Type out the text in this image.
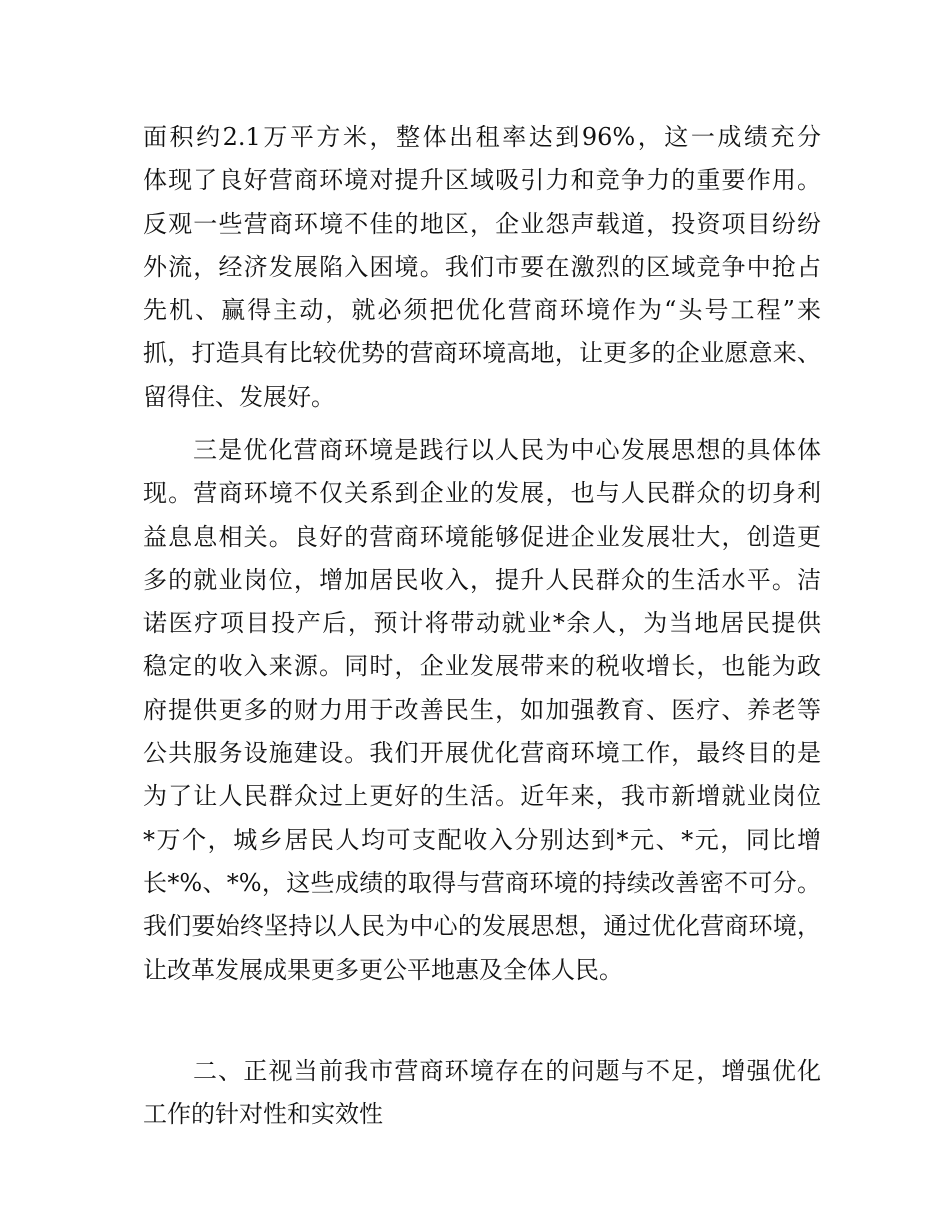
面积约2.1万平方米，整体出租率达到96%，这一成绩充分
体现了良好营商环境对提升区域吸引力和竞争力的重要作用。
反观一些营商环境不佳的地区，企业怨声载道，投资项目纷纷
外流，经济发展陷入困境。我们市要在激烈的区域竞争中抢占
先机、赢得主动，就必须把优化营商环境作为“头号工程”来
抓，打造具有比较优势的营商环境高地，让更多的企业愿意来、
留得住、发展好。
三是优化营商环境是践行以人民为中心发展思想的具体体
现。营商环境不仅关系到企业的发展，也与人民群众的切身利
益息息相关。良好的营商环境能够促进企业发展壮大，创造更
多的就业岗位，增加居民收入，提升人民群众的生活水平。洁
诺医疗项目投产后，预计将带动就业*余人，为当地居民提供
稳定的收入来源。同时，企业发展带来的税收增长，也能为政
府提供更多的财力用于改善民生，如加强教育、医疗、养老等
公共服务设施建设。我们开展优化营商环境工作，最终目的是
为了让人民群众过上更好的生活。近年来，我市新增就业岗位
*万个，城乡居民人均可支配收入分别达到*元、*元，同比增
长*%、*%，这些成绩的取得与营商环境的持续改善密不可分。
我们要始终坚持以人民为中心的发展思想，通过优化营商环境，
让改革发展成果更多更公平地惠及全体人民。
二、正视当前我市营商环境存在的问题与不足，增强优化
工作的针对性和实效性
